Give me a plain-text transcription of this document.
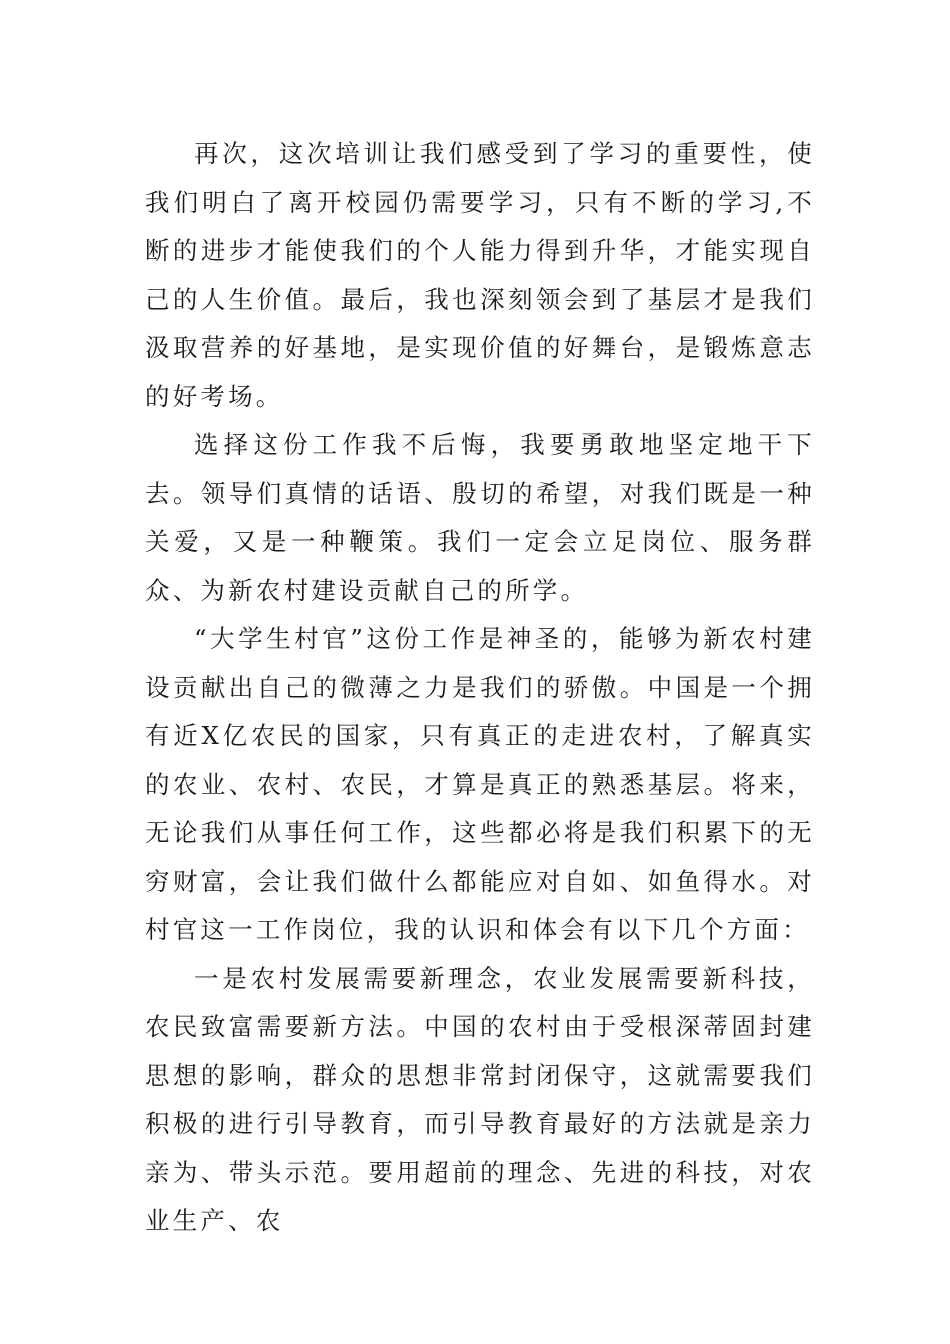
再次，这次培训让我们感受到了学习的重要性，使我们明白了离开校园仍需要学习，只有不断的学习,不断的进步才能使我们的个人能力得到升华，才能实现自己的人生价值。最后，我也深刻领会到了基层才是我们汲取营养的好基地，是实现价值的好舞台，是锻炼意志的好考场。

选择这份工作我不后悔，我要勇敢地坚定地干下去。领导们真情的话语、殷切的希望，对我们既是一种关爱，又是一种鞭策。我们一定会立足岗位、服务群众、为新农村建设贡献自己的所学。

“大学生村官”这份工作是神圣的，能够为新农村建设贡献出自己的微薄之力是我们的骄傲。中国是一个拥有近X亿农民的国家，只有真正的走进农村，了解真实的农业、农村、农民，才算是真正的熟悉基层。将来，无论我们从事任何工作，这些都必将是我们积累下的无穷财富，会让我们做什么都能应对自如、如鱼得水。对村官这一工作岗位，我的认识和体会有以下几个方面：

一是农村发展需要新理念，农业发展需要新科技，农民致富需要新方法。中国的农村由于受根深蒂固封建思想的影响，群众的思想非常封闭保守，这就需要我们积极的进行引导教育，而引导教育最好的方法就是亲力亲为、带头示范。要用超前的理念、先进的科技，对农业生产、农
